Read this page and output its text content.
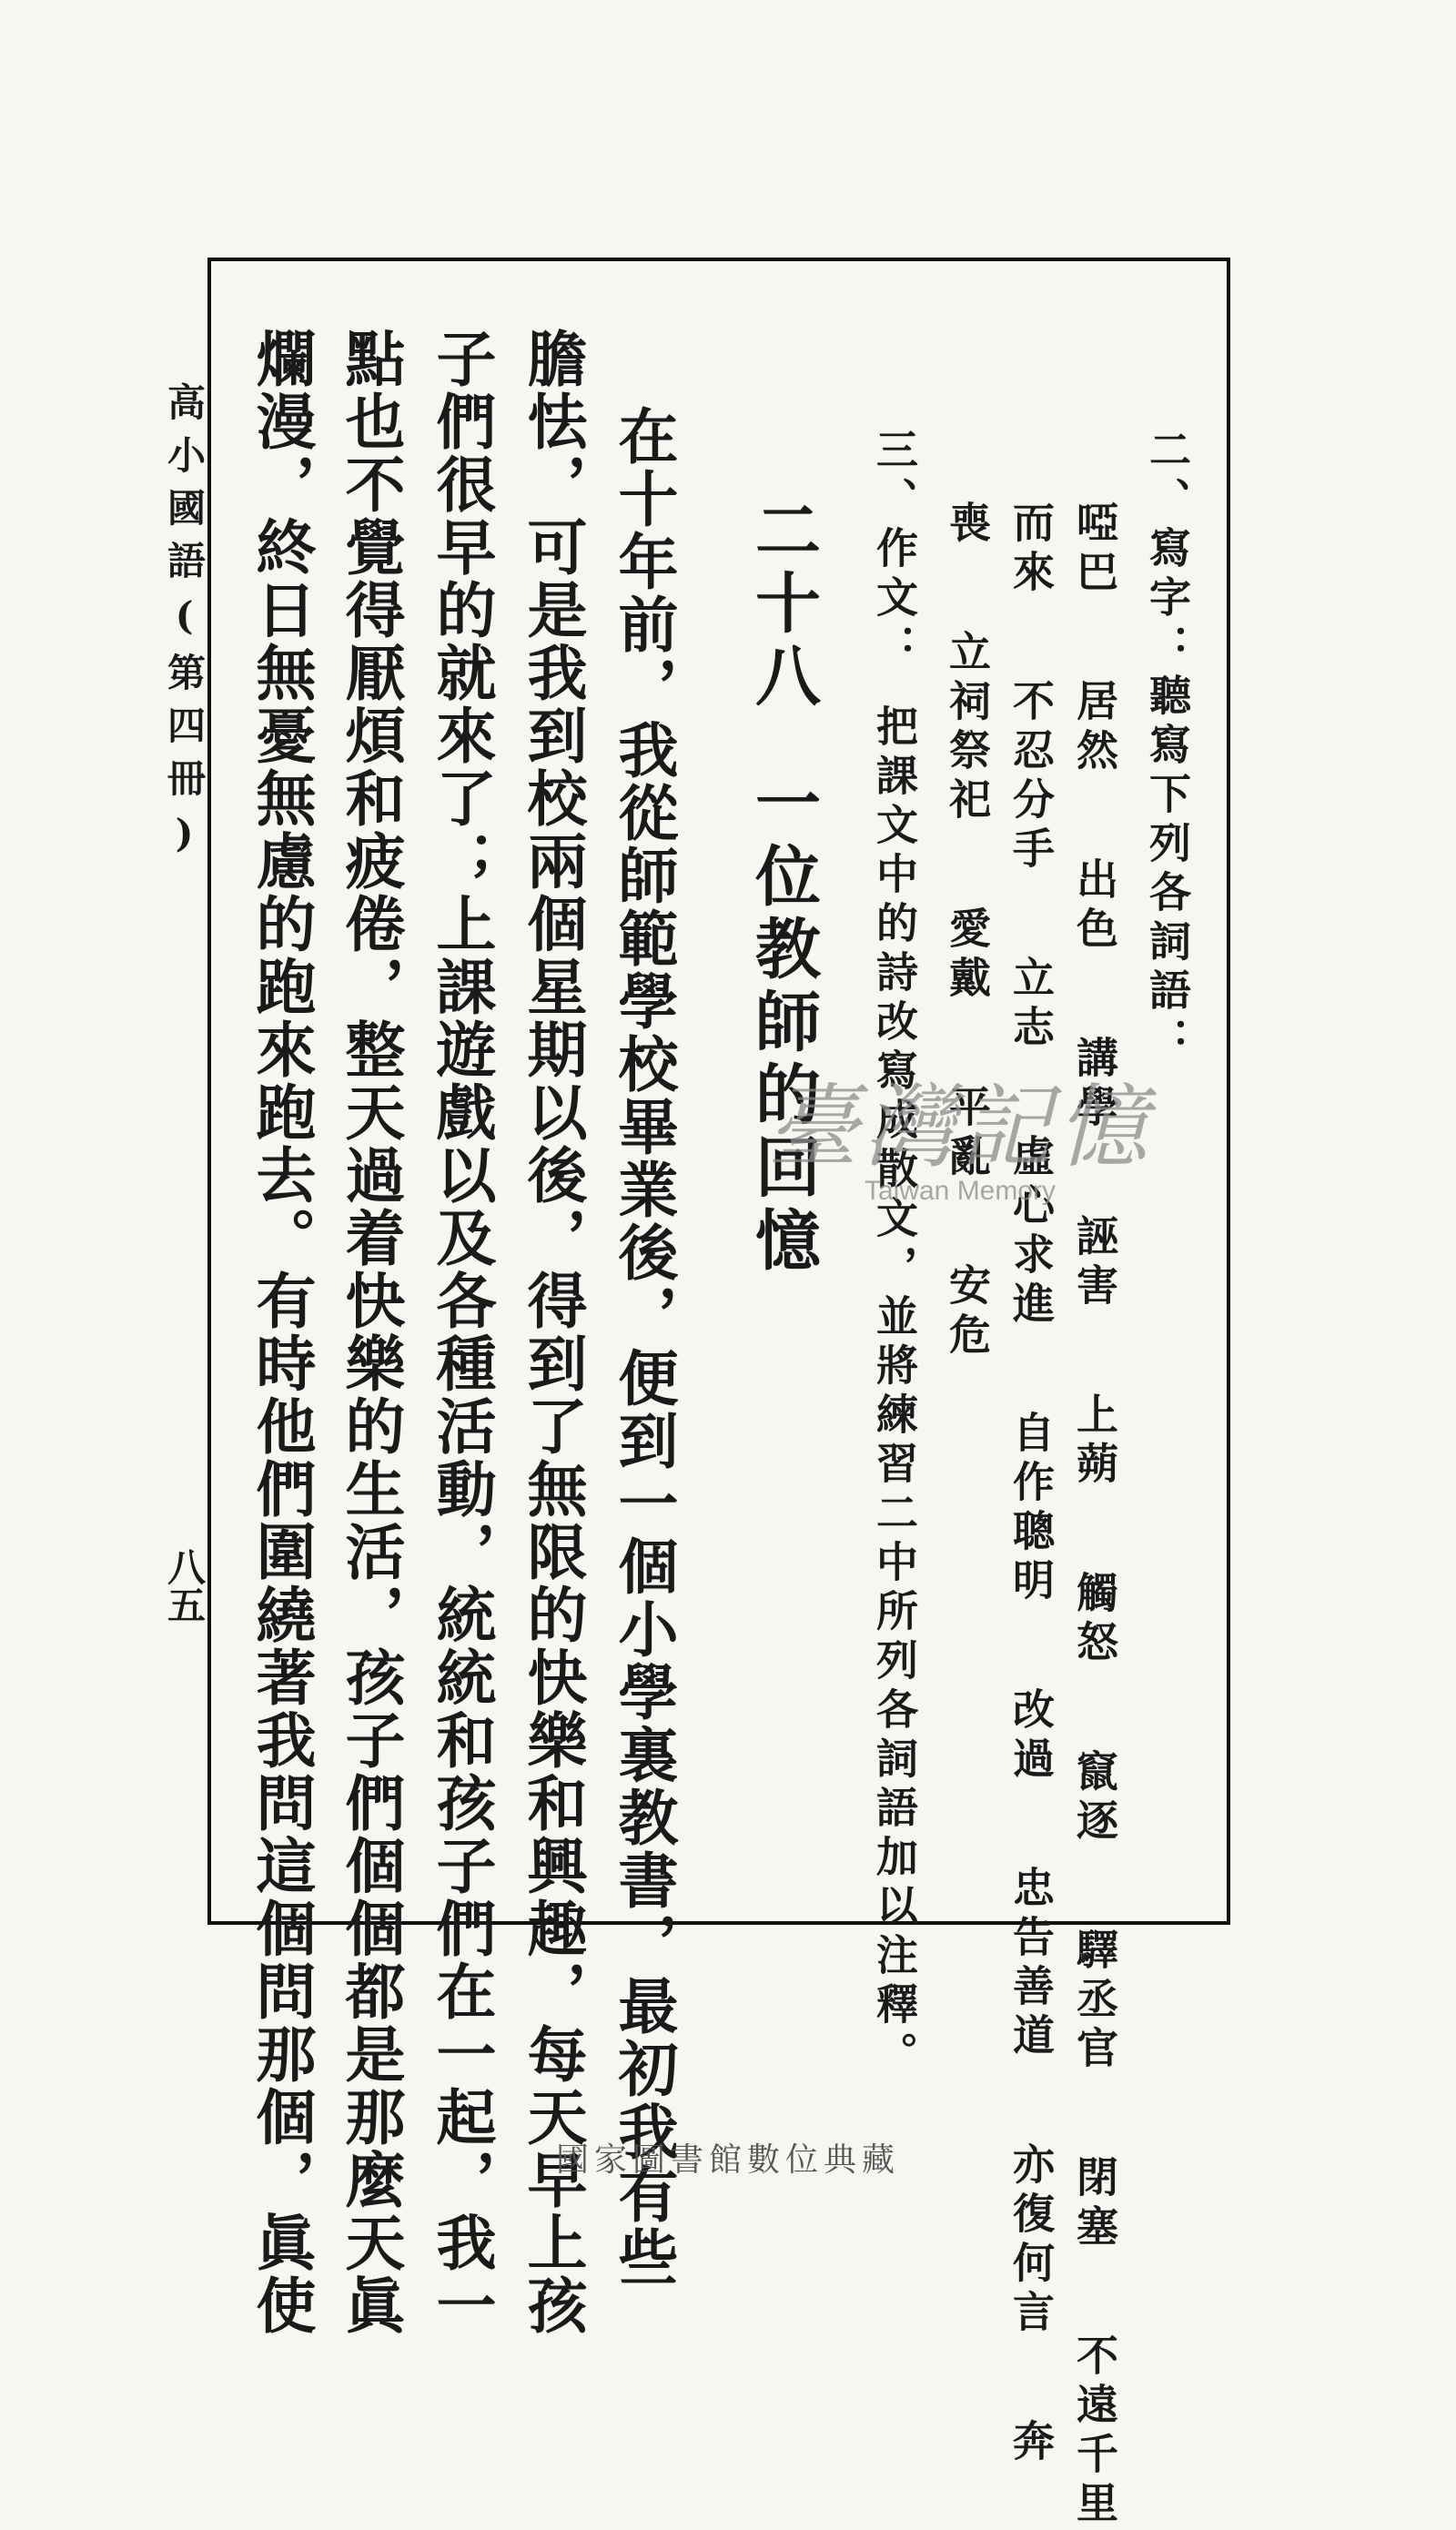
高小國語(第四冊)
八五
二、寫字：聽寫下列各詞語：
啞巴 居然 出色 講學 誣害 上蒴 觸怒 竄逐 驛丞官 閉塞 不遠千里
而來 不忍分手 立志 虛心求進 自作聰明 改過 忠告善道 亦復何言 奔
喪 立祠祭祀 愛戴 平亂 安危
三、作文：把課文中的詩改寫成散文，並將練習二中所列各詞語加以注釋。
二十八一位教師的回憶
在十年前，我從師範學校畢業後，便到一個小學裏教書，最初我有些
膽怯，可是我到校兩個星期以後，得到了無限的快樂和興趣，每天早上孩
子們很早的就來了；上課遊戲以及各種活動，統統和孩子們在一起，我一
點也不覺得厭煩和疲倦，整天過着快樂的生活，孩子們個個都是那麼天眞
爛漫，終日無憂無慮的跑來跑去。有時他們圍繞著我問這個問那個，眞使	臺灣記憶
Taiwan Memory
國家圖書館數位典藏
